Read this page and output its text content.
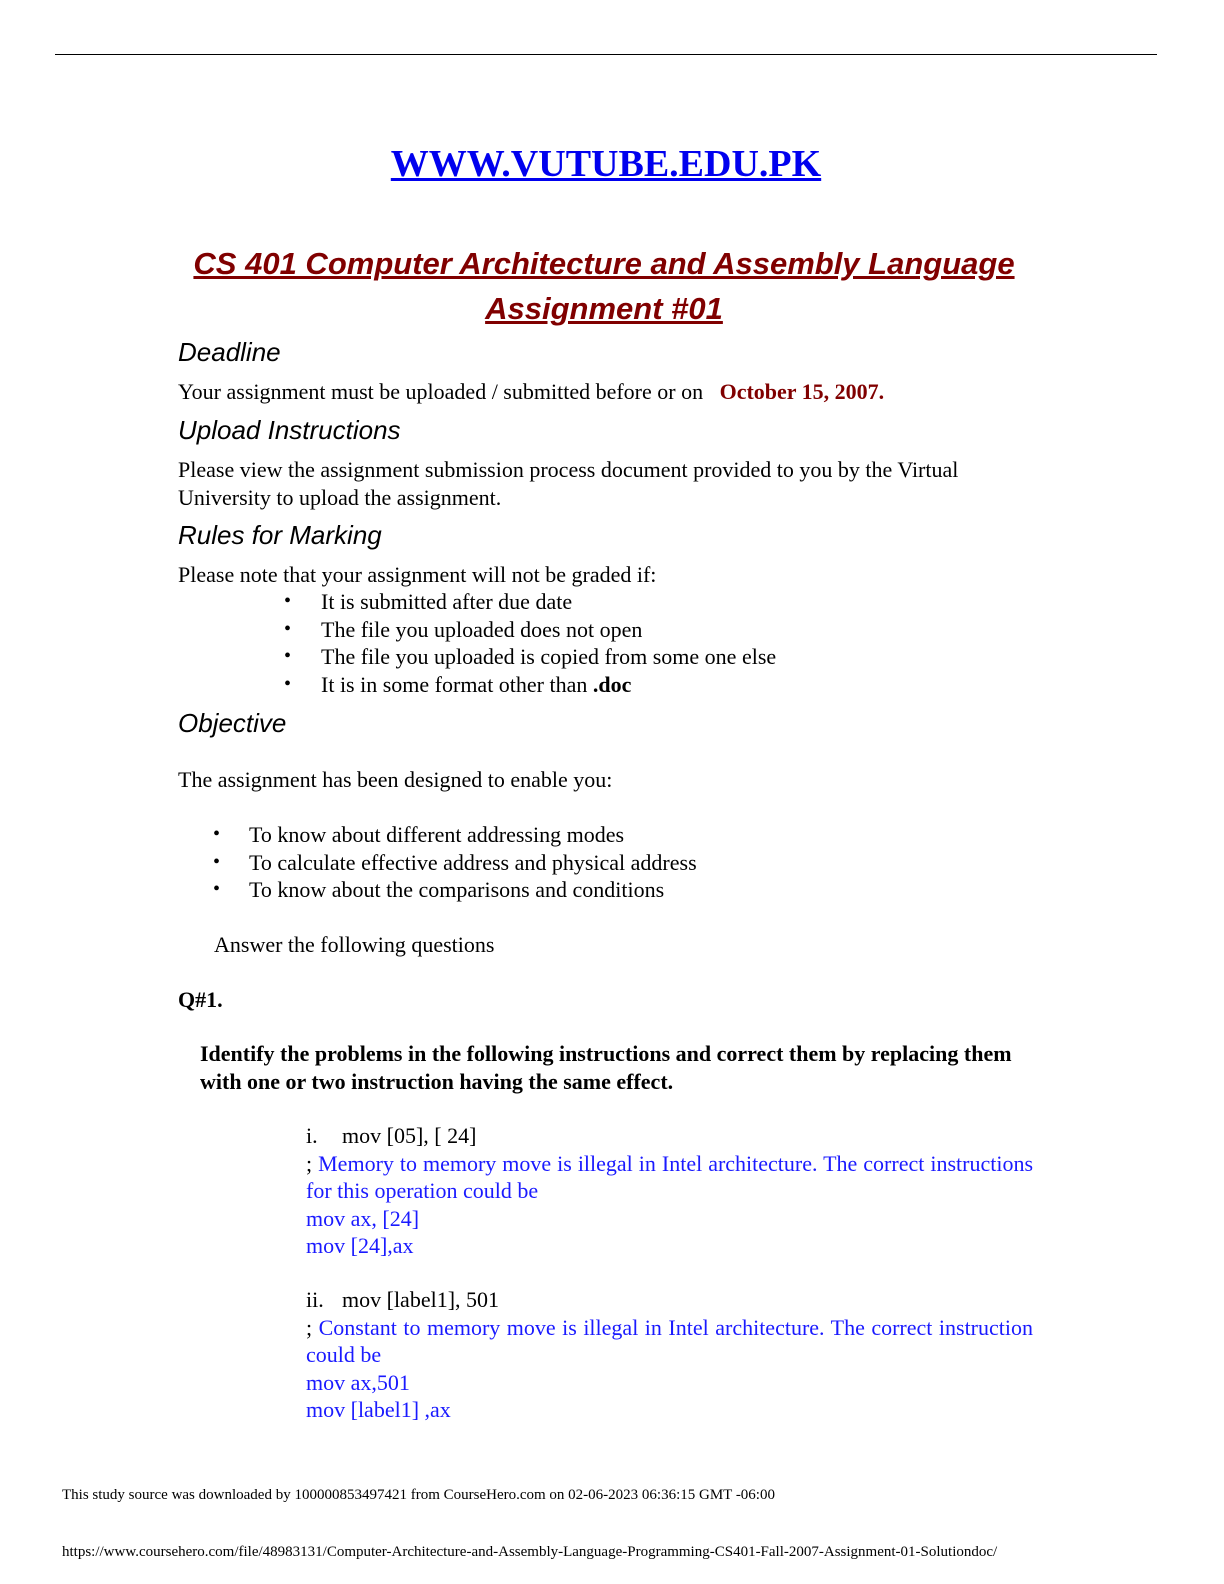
WWW.VUTUBE.EDU.PK
CS 401 Computer Architecture and Assembly Language
Assignment #01
Deadline
Your assignment must be uploaded / submitted before or on October 15, 2007.
Upload Instructions
Please view the assignment submission process document provided to you by the Virtual University to upload the assignment.
Rules for Marking
Please note that your assignment will not be graded if:
• It is submitted after due date
• The file you uploaded does not open
• The file you uploaded is copied from some one else
• It is in some format other than .doc
Objective
The assignment has been designed to enable you:
• To know about different addressing modes
• To calculate effective address and physical address
• To know about the comparisons and conditions
Answer the following questions
Q#1.
Identify the problems in the following instructions and correct them by replacing them with one or two instruction having the same effect.
i. mov [05], [ 24]
; Memory to memory move is illegal in Intel architecture. The correct instructions for this operation could be
mov ax, [24]
mov [24],ax
ii. mov [label1], 501
; Constant to memory move is illegal in Intel architecture. The correct instruction could be
mov ax,501
mov [label1] ,ax
This study source was downloaded by 100000853497421 from CourseHero.com on 02-06-2023 06:36:15 GMT -06:00
https://www.coursehero.com/file/48983131/Computer-Architecture-and-Assembly-Language-Programming-CS401-Fall-2007-Assignment-01-Solutiondoc/
